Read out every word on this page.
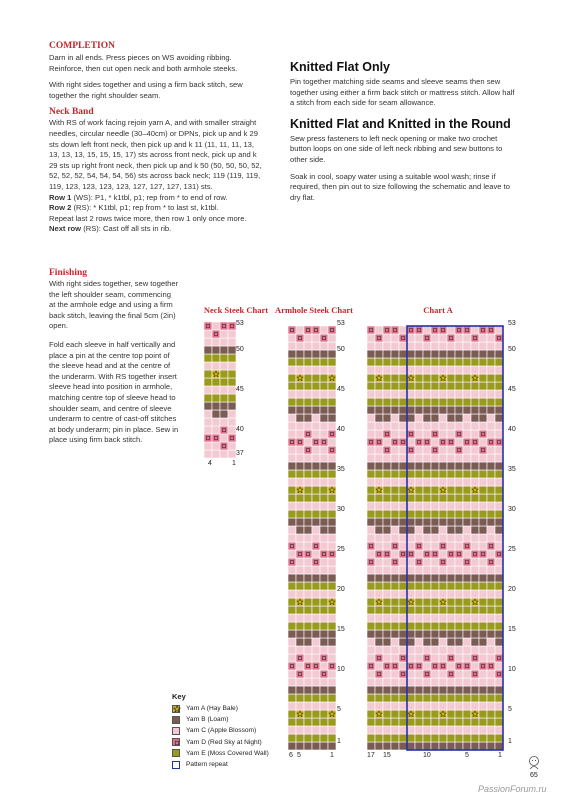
COMPLETION

Darn in all ends. Press pieces on WS avoiding ribbing. Reinforce, then cut open neck and both armhole steeks.

With right sides together and using a firm back stitch, sew together the right shoulder seam.

Neck Band

With RS of work facing rejoin yarn A, and with smaller straight needles, circular needle (30–40cm) or DPNs, pick up and k 29 sts down left front neck, then pick up and k 11 (11, 11, 11, 13, 13, 13, 13, 15, 15, 15, 17) sts across front neck, pick up and k 29 sts up right front neck, then pick up and k 50 (50, 50, 50, 52, 52, 52, 52, 54, 54, 54, 56) sts across back neck; 119 (119, 119, 119, 123, 123, 123, 123, 127, 127, 127, 131) sts.

Row 1 (WS): P1, * k1tbl, p1; rep from * to end of row.
Row 2 (RS): * K1tbl, p1; rep from * to last st, k1tbl.
Repeat last 2 rows twice more, then row 1 only once more.
Next row (RS): Cast off all sts in rib.
Finishing

With right sides together, sew together the left shoulder seam, commencing at the armhole edge and using a firm back stitch, leaving the final 5cm (2in) open.

Fold each sleeve in half vertically and place a pin at the centre top point of the sleeve head and at the centre of the underarm. With RS together insert sleeve head into position in armhole, matching centre top of sleeve head to shoulder seam, and centre of sleeve underarm to centre of cast-off stitches at body underarm; pin in place. Sew in place using firm back stitch.

Knitted Flat Only
Pin together matching side seams and sleeve seams then sew together using either a firm back stitch or mattress stitch. Allow half a stitch from each side for seam allowance.
Knitted Flat and Knitted in the Round

Sew press fasteners to left neck opening or make two crochet button loops on one side of left neck ribbing and sew buttons to other side.

Soak in cool, soapy water using a suitable wool wash; rinse if required, then pin out to size following the schematic and leave to dry flat.

Neck Steek Chart Armhole Steek Chart	Chart A
53
50
45
40
37
4	1
53
50
45
40
35
30
25
20
15
10
5
1
6 5	1
53
50
45
40
35
30
25
20
15
10
5
1
17 15	10	5	1
Key
Yarn A (Hay Bale)
Yarn B (Loam)
Yarn C (Apple Blossom)
Yarn D (Red Sky at Night)
Yarn E (Moss Covered Wall)
Pattern repeat
65
PassionForum.ru
